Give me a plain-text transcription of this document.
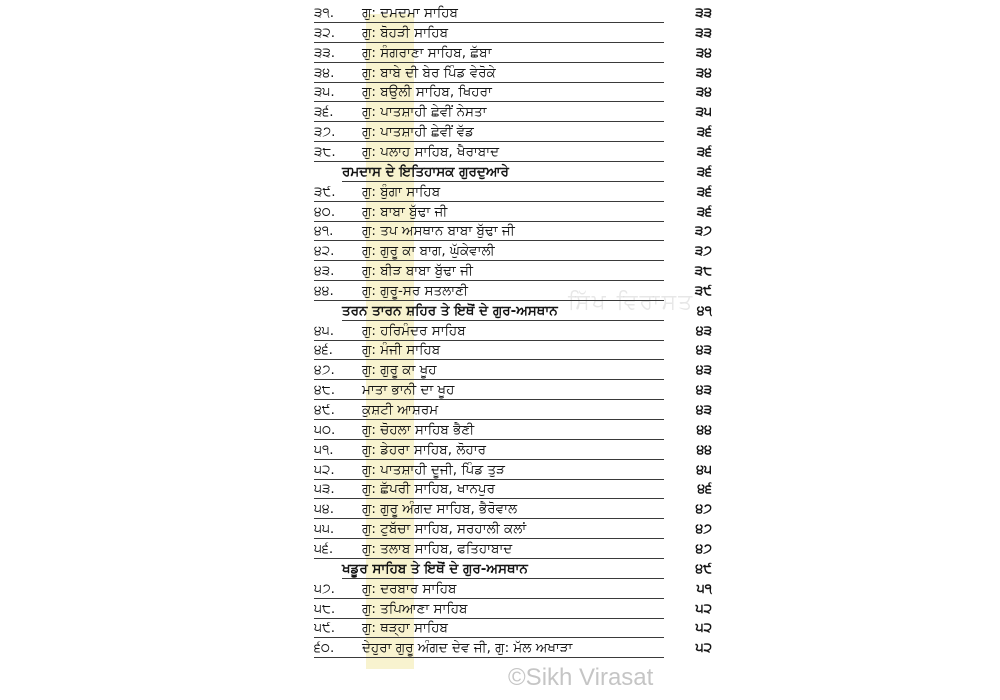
ਸਿੱਖ ਵਿਰਾਸਤ
੩੧.	ਗੁ: ਦਮਦਮਾ ਸਾਹਿਬ	੩੩
੩੨.	ਗੁ: ਬੋਹੜੀ ਸਾਹਿਬ	੩੩
੩੩.	ਗੁ: ਸੰਗਰਾਣਾ ਸਾਹਿਬ, ਛੱਬਾ	੩੪
੩੪.	ਗੁ: ਬਾਬੇ ਦੀ ਬੇਰ ਪਿੰਡ ਵੇਰੋਕੇ	੩੪
੩੫.	ਗੁ: ਬਉਲੀ ਸਾਹਿਬ, ਖਿਹਰਾ	੩੪
੩੬.	ਗੁ: ਪਾਤਸ਼ਾਹੀ ਛੇਵੀਂ ਨੇਸਤਾ	੩੫
੩੭.	ਗੁ: ਪਾਤਸ਼ਾਹੀ ਛੇਵੀਂ ਵੱਡ	੩੬
੩੮.	ਗੁ: ਪਲਾਹ ਸਾਹਿਬ, ਖੈਰਾਬਾਦ	੩੬
ਰਮਦਾਸ ਦੇ ਇਤਿਹਾਸਕ ਗੁਰਦੁਆਰੇ	੩੬
੩੯.	ਗੁ: ਬੁੰਗਾ ਸਾਹਿਬ	੩੬
੪੦.	ਗੁ: ਬਾਬਾ ਬੁੱਢਾ ਜੀ	੩੬
੪੧.	ਗੁ: ਤਪ ਅਸਥਾਨ ਬਾਬਾ ਬੁੱਢਾ ਜੀ	੩੭
੪੨.	ਗੁ: ਗੁਰੂ ਕਾ ਬਾਗ, ਘੁੱਕੇਵਾਲੀ	੩੭
੪੩.	ਗੁ: ਬੀੜ ਬਾਬਾ ਬੁੱਢਾ ਜੀ	੩੮
੪੪.	ਗੁ: ਗੁਰੂ-ਸਰ ਸਤਲਾਣੀ	੩੯
ਤਰਨ ਤਾਰਨ ਸ਼ਹਿਰ ਤੇ ਇਥੋਂ ਦੇ ਗੁਰ-ਅਸਥਾਨ	੪੧
੪੫.	ਗੁ: ਹਰਿਮੰਦਰ ਸਾਹਿਬ	੪੩
੪੬.	ਗੁ: ਮੰਜੀ ਸਾਹਿਬ	੪੩
੪੭.	ਗੁ: ਗੁਰੂ ਕਾ ਖੂਹ	੪੩
੪੮.	ਮਾਤਾ ਭਾਨੀ ਦਾ ਖੂਹ	੪੩
੪੯.	ਕੁਸ਼ਟੀ ਆਸ਼ਰਮ	੪੩
੫੦.	ਗੁ: ਚੋਹਲਾ ਸਾਹਿਬ ਭੈਣੀ	੪੪
੫੧.	ਗੁ: ਡੇਹਰਾ ਸਾਹਿਬ, ਲੋਹਾਰ	੪੪
੫੨.	ਗੁ: ਪਾਤਸ਼ਾਹੀ ਦੂਜੀ, ਪਿੰਡ ਤੁੜ	੪੫
੫੩.	ਗੁ: ਛੱਪਰੀ ਸਾਹਿਬ, ਖਾਨਪੁਰ	੪੬
੫੪.	ਗੁ: ਗੁਰੂ ਅੰਗਦ ਸਾਹਿਬ, ਭੈਰੋਵਾਲ	੪੭
੫੫.	ਗੁ: ਟੁਬੱਚਾ ਸਾਹਿਬ, ਸਰਹਾਲੀ ਕਲਾਂ	੪੭
੫੬.	ਗੁ: ਤਲਾਬ ਸਾਹਿਬ, ਫਤਿਹਾਬਾਦ	੪੭
ਖਡੂਰ ਸਾਹਿਬ ਤੇ ਇਥੋਂ ਦੇ ਗੁਰ-ਅਸਥਾਨ	੪੯
੫੭.	ਗੁ: ਦਰਬਾਰ ਸਾਹਿਬ	੫੧
੫੮.	ਗੁ: ਤਪਿਆਣਾ ਸਾਹਿਬ	੫੨
੫੯.	ਗੁ: ਥੜ੍ਹਾ ਸਾਹਿਬ	੫੨
੬੦.	ਦੇਹੁਰਾ ਗੁਰੂ ਅੰਗਦ ਦੇਵ ਜੀ, ਗੁ: ਮੱਲ ਅਖਾੜਾ	੫੨
©Sikh Virasat
